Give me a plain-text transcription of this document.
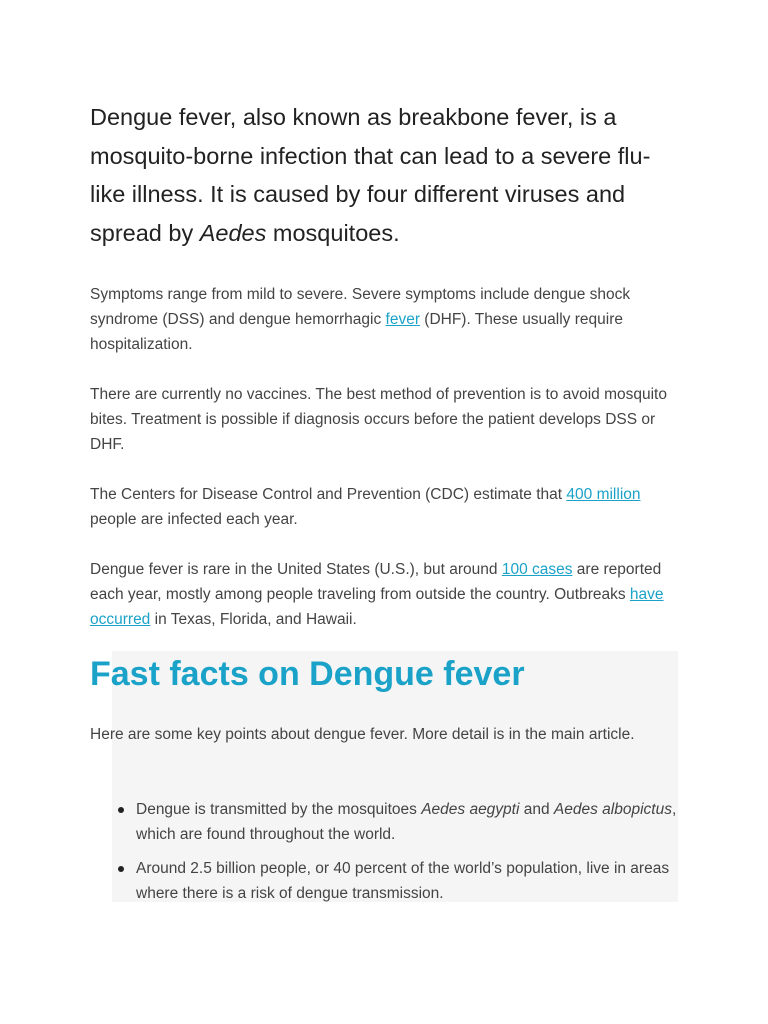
Dengue fever, also known as breakbone fever, is a mosquito-borne infection that can lead to a severe flu-like illness. It is caused by four different viruses and spread by Aedes mosquitoes.

Symptoms range from mild to severe. Severe symptoms include dengue shock syndrome (DSS) and dengue hemorrhagic fever (DHF). These usually require hospitalization.

There are currently no vaccines. The best method of prevention is to avoid mosquito bites. Treatment is possible if diagnosis occurs before the patient develops DSS or DHF.

The Centers for Disease Control and Prevention (CDC) estimate that 400 million people are infected each year.

Dengue fever is rare in the United States (U.S.), but around 100 cases are reported each year, mostly among people traveling from outside the country. Outbreaks have occurred in Texas, Florida, and Hawaii.

Fast facts on Dengue fever

Here are some key points about dengue fever. More detail is in the main article.

Dengue is transmitted by the mosquitoes Aedes aegypti and Aedes albopictus, which are found throughout the world.
Around 2.5 billion people, or 40 percent of the world’s population, live in areas where there is a risk of dengue transmission.
